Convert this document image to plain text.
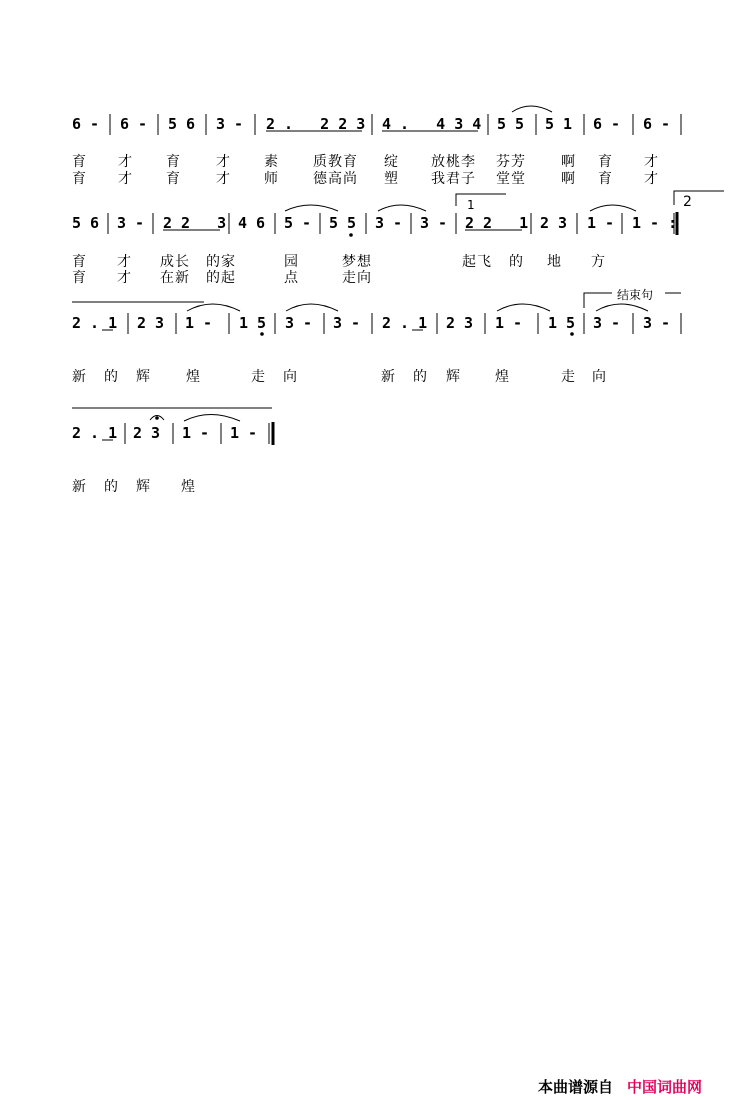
6 - 6 - 5 6 3 - 2 .   2 2 3 4 .   4 3 4 5 5 5 1 6 - 6 -
育 才 育	才 素 质教育 绽 放桃李 芬芳	啊 育 才
育 才 育	才 师 德高尚 塑 我君子 堂堂	啊 育 才
5 6 3 - 2 2   3 4 6 5 - 5 5 3 - 3 - 2 2   1 2 3 1 - 1 - :
育 才 成长 的家	园	梦想	起飞 的 地 方
育 才 在新 的起	点	走向
2 . 1 2 3 1 - 1 5 3 - 3 - 2 . 1 2 3 1 - 1 5 3 - 3 -
新 的 辉	煌	走 向	新 的 辉 煌	走 向
结束句
2 . 1 2 3 1 - 1 -
新 的 辉 煌
1	2
本曲谱源自 中国词曲网
